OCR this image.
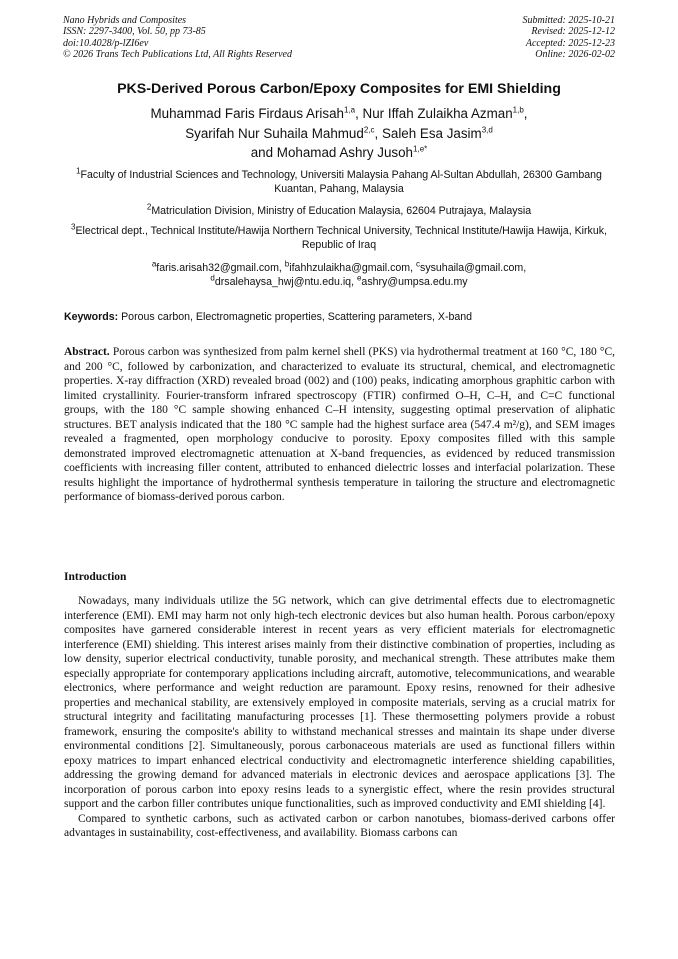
Nano Hybrids and Composites
ISSN: 2297-3400, Vol. 50, pp 73-85
doi:10.4028/p-lZI6ev
© 2026 Trans Tech Publications Ltd, All Rights Reserved
Submitted: 2025-10-21
Revised: 2025-12-12
Accepted: 2025-12-23
Online: 2026-02-02
PKS-Derived Porous Carbon/Epoxy Composites for EMI Shielding
Muhammad Faris Firdaus Arisah$^{1,a}$, Nur Iffah Zulaikha Azman$^{1,b}$,
Syarifah Nur Suhaila Mahmud$^{2,c}$, Saleh Esa Jasim$^{3,d}$
and Mohamad Ashry Jusoh$^{1,e*}$
$^1$Faculty of Industrial Sciences and Technology, Universiti Malaysia Pahang Al-Sultan Abdullah, 26300 Gambang Kuantan, Pahang, Malaysia
$^2$Matriculation Division, Ministry of Education Malaysia, 62604 Putrajaya, Malaysia
$^3$Electrical dept., Technical Institute/Hawija Northern Technical University, Technical Institute/Hawija Hawija, Kirkuk, Republic of Iraq
$^a$faris.arisah32@gmail.com, $^b$ifahhzulaikha@gmail.com, $^c$sysuhaila@gmail.com,
$^d$drsalehaysa_hwj@ntu.edu.iq, $^e$ashry@umpsa.edu.my
Keywords: Porous carbon, Electromagnetic properties, Scattering parameters, X-band
Abstract. Porous carbon was synthesized from palm kernel shell (PKS) via hydrothermal treatment at 160 °C, 180 °C, and 200 °C, followed by carbonization, and characterized to evaluate its structural, chemical, and electromagnetic properties. X-ray diffraction (XRD) revealed broad (002) and (100) peaks, indicating amorphous graphitic carbon with limited crystallinity. Fourier-transform infrared spectroscopy (FTIR) confirmed O–H, C–H, and C=C functional groups, with the 180 °C sample showing enhanced C–H intensity, suggesting optimal preservation of aliphatic structures. BET analysis indicated that the 180 °C sample had the highest surface area (547.4 m²/g), and SEM images revealed a fragmented, open morphology conducive to porosity. Epoxy composites filled with this sample demonstrated improved electromagnetic attenuation at X-band frequencies, as evidenced by reduced transmission coefficients with increasing filler content, attributed to enhanced dielectric losses and interfacial polarization. These results highlight the importance of hydrothermal synthesis temperature in tailoring the structure and electromagnetic performance of biomass-derived porous carbon.
Introduction

Nowadays, many individuals utilize the 5G network, which can give detrimental effects due to electromagnetic interference (EMI). EMI may harm not only high-tech electronic devices but also human health. Porous carbon/epoxy composites have garnered considerable interest in recent years as very efficient materials for electromagnetic interference (EMI) shielding. This interest arises mainly from their distinctive combination of properties, including as low density, superior electrical conductivity, tunable porosity, and mechanical strength. These attributes make them especially appropriate for contemporary applications including aircraft, automotive, telecommunications, and wearable electronics, where performance and weight reduction are paramount. Epoxy resins, renowned for their adhesive properties and mechanical stability, are extensively employed in composite materials, serving as a crucial matrix for structural integrity and facilitating manufacturing processes [1]. These thermosetting polymers provide a robust framework, ensuring the composite's ability to withstand mechanical stresses and maintain its shape under diverse environmental conditions [2]. Simultaneously, porous carbonaceous materials are used as functional fillers within epoxy matrices to impart enhanced electrical conductivity and electromagnetic interference shielding capabilities, addressing the growing demand for advanced materials in electronic devices and aerospace applications [3]. The incorporation of porous carbon into epoxy resins leads to a synergistic effect, where the resin provides structural support and the carbon filler contributes unique functionalities, such as improved conductivity and EMI shielding [4].

Compared to synthetic carbons, such as activated carbon or carbon nanotubes, biomass-derived carbons offer advantages in sustainability, cost-effectiveness, and availability. Biomass carbons can
